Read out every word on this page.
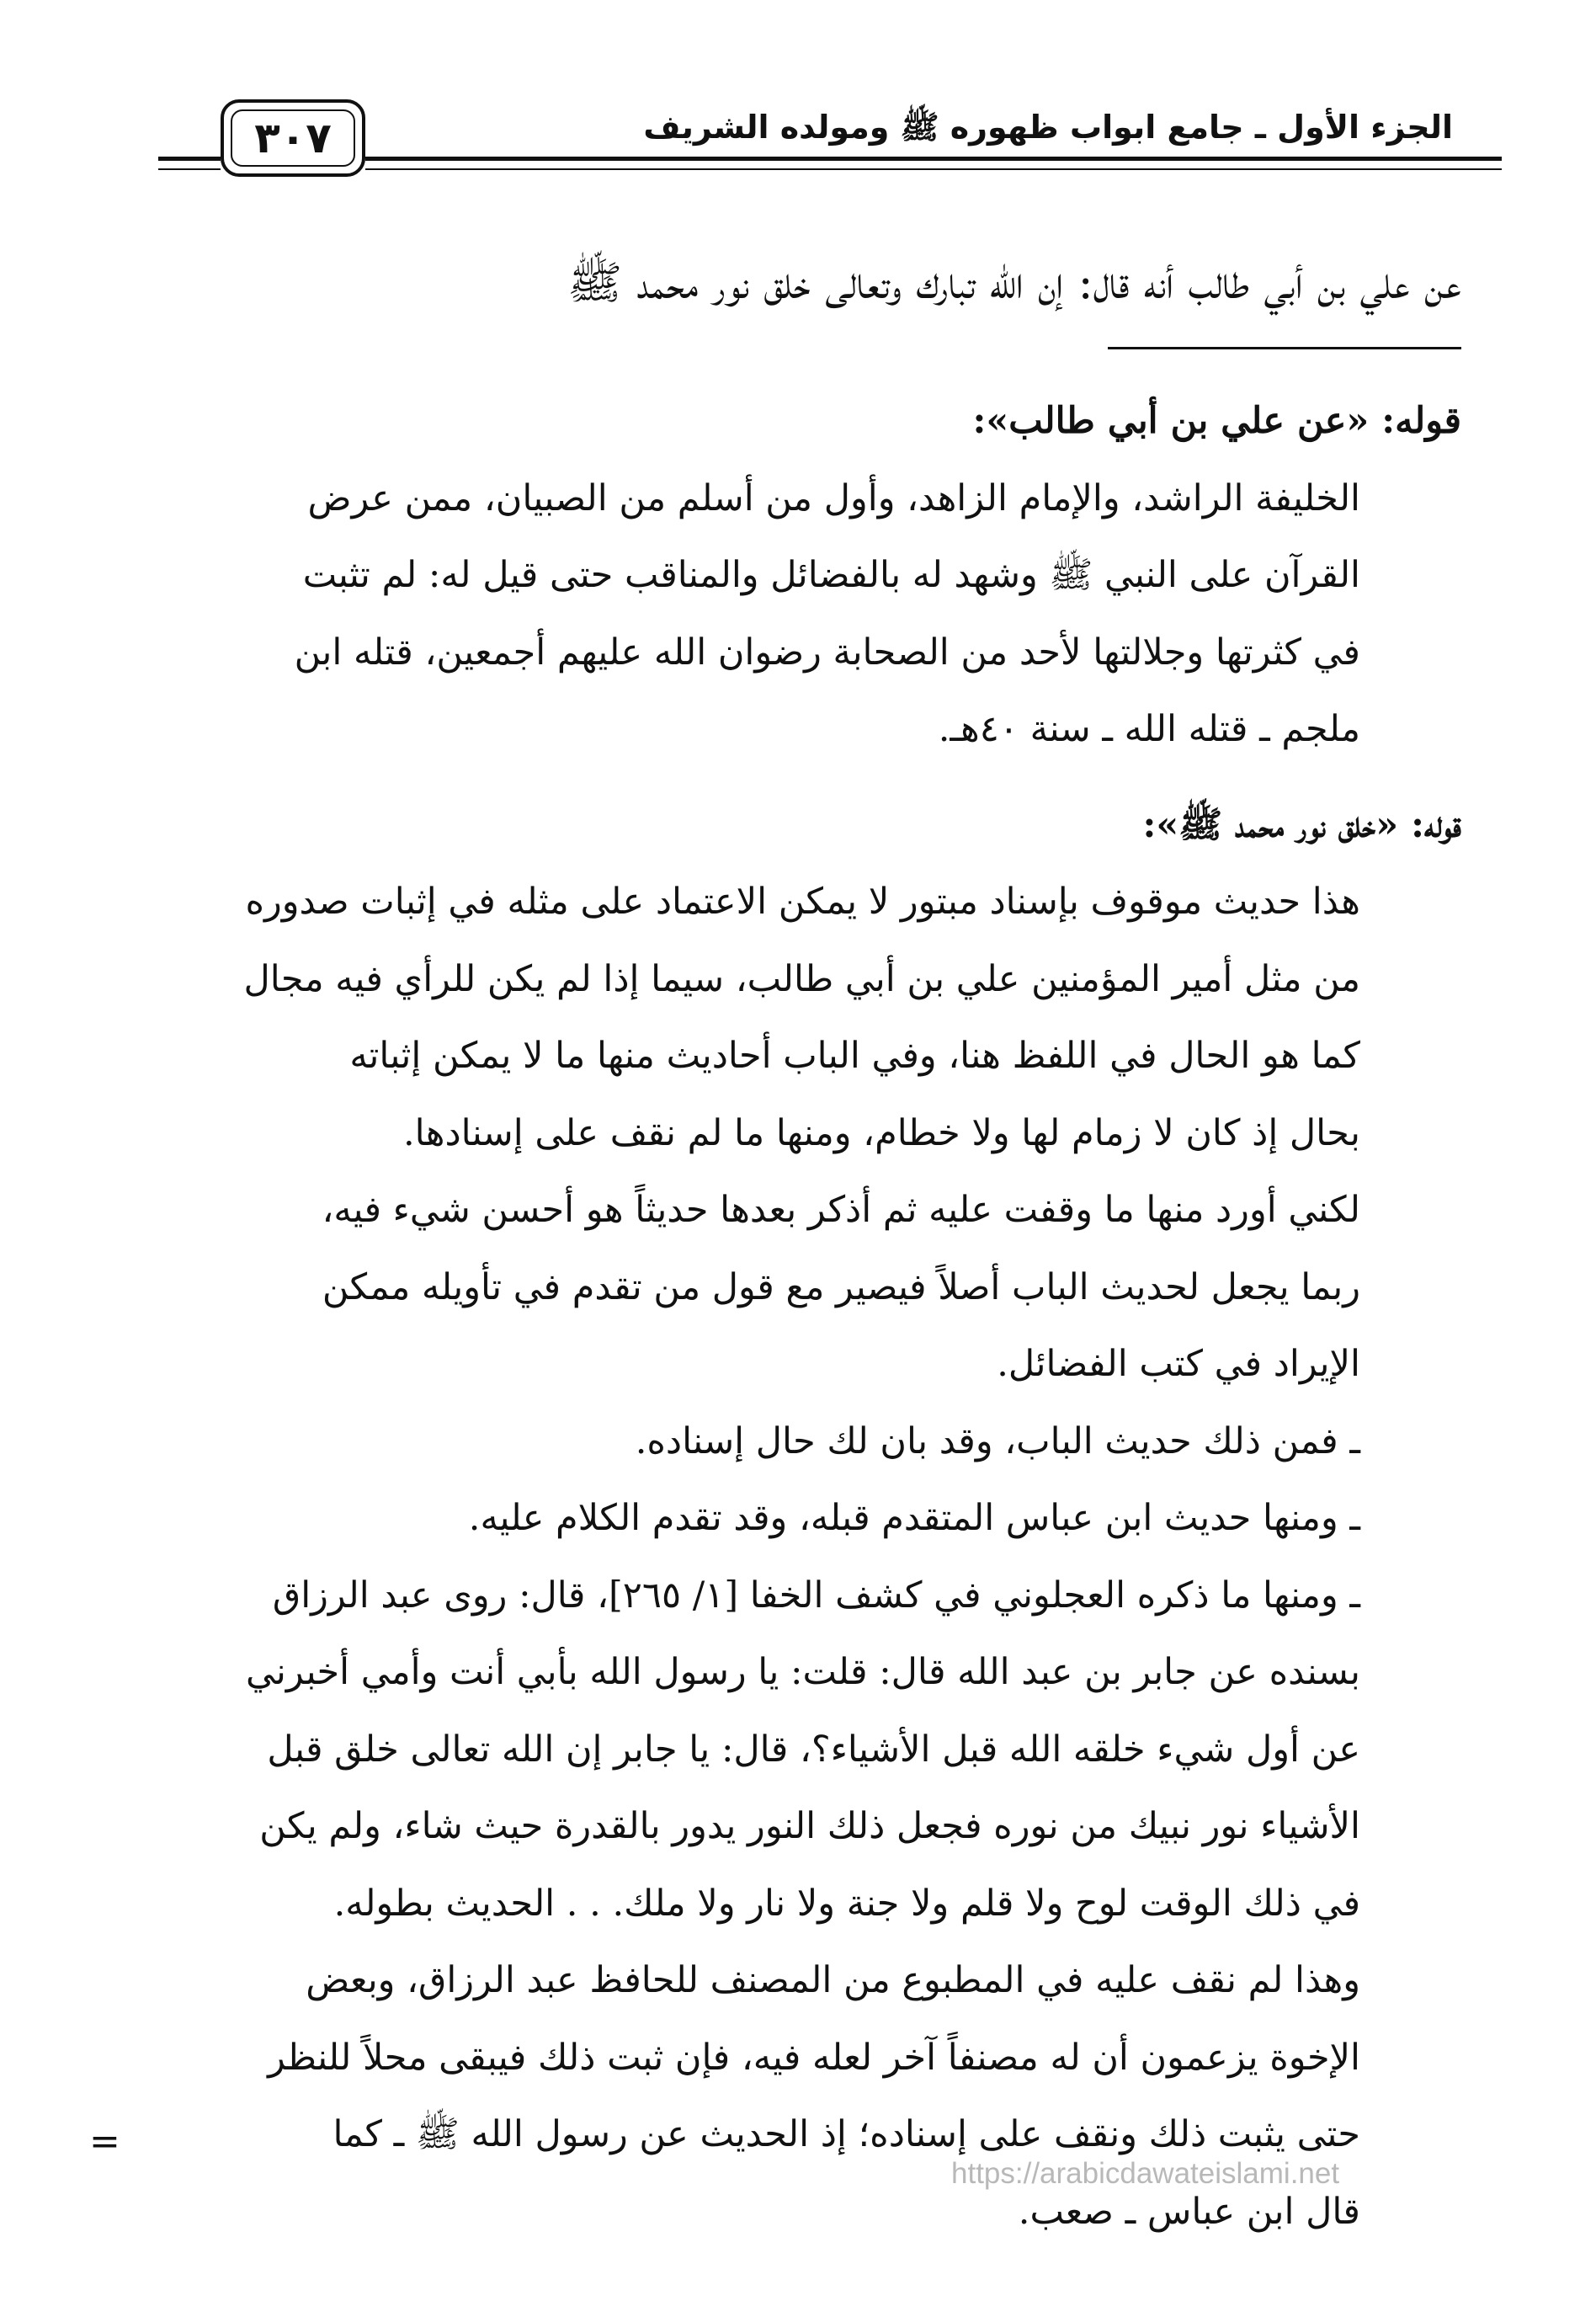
الجزء الأول ـ جامع ابواب ظهوره ﷺ ومولده الشريف
٣٠٧
عن علي بن أبي طالب أنه قال: إن الله تبارك وتعالى خلق نور محمد ﷺ
قوله: «عن علي بن أبي طالب»:
الخليفة الراشد، والإمام الزاهد، وأول من أسلم من الصبيان، ممن عرض
القرآن على النبي ﷺ وشهد له بالفضائل والمناقب حتى قيل له: لم تثبت
في كثرتها وجلالتها لأحد من الصحابة رضوان الله عليهم أجمعين، قتله ابن
ملجم ـ قتله الله ـ سنة ٤٠هـ.
قوله: «خلق نور محمد ﷺ»:
هذا حديث موقوف بإسناد مبتور لا يمكن الاعتماد على مثله في إثبات صدوره
من مثل أمير المؤمنين علي بن أبي طالب، سيما إذا لم يكن للرأي فيه مجال
كما هو الحال في اللفظ هنا، وفي الباب أحاديث منها ما لا يمكن إثباته
بحال إذ كان لا زمام لها ولا خطام، ومنها ما لم نقف على إسنادها.
لكني أورد منها ما وقفت عليه ثم أذكر بعدها حديثاً هو أحسن شيء فيه،
ربما يجعل لحديث الباب أصلاً فيصير مع قول من تقدم في تأويله ممكن
الإيراد في كتب الفضائل.
ـ فمن ذلك حديث الباب، وقد بان لك حال إسناده.
ـ ومنها حديث ابن عباس المتقدم قبله، وقد تقدم الكلام عليه.
ـ ومنها ما ذكره العجلوني في كشف الخفا [١/ ٢٦٥]، قال: روى عبد الرزاق
بسنده عن جابر بن عبد الله قال: قلت: يا رسول الله بأبي أنت وأمي أخبرني
عن أول شيء خلقه الله قبل الأشياء؟، قال: يا جابر إن الله تعالى خلق قبل
الأشياء نور نبيك من نوره فجعل ذلك النور يدور بالقدرة حيث شاء، ولم يكن
في ذلك الوقت لوح ولا قلم ولا جنة ولا نار ولا ملك. . . الحديث بطوله.
وهذا لم نقف عليه في المطبوع من المصنف للحافظ عبد الرزاق، وبعض
الإخوة يزعمون أن له مصنفاً آخر لعله فيه، فإن ثبت ذلك فيبقى محلاً للنظر
حتى يثبت ذلك ونقف على إسناده؛ إذ الحديث عن رسول الله ﷺ ـ كما
قال ابن عباس ـ صعب.
=
https://arabicdawateislami.net
